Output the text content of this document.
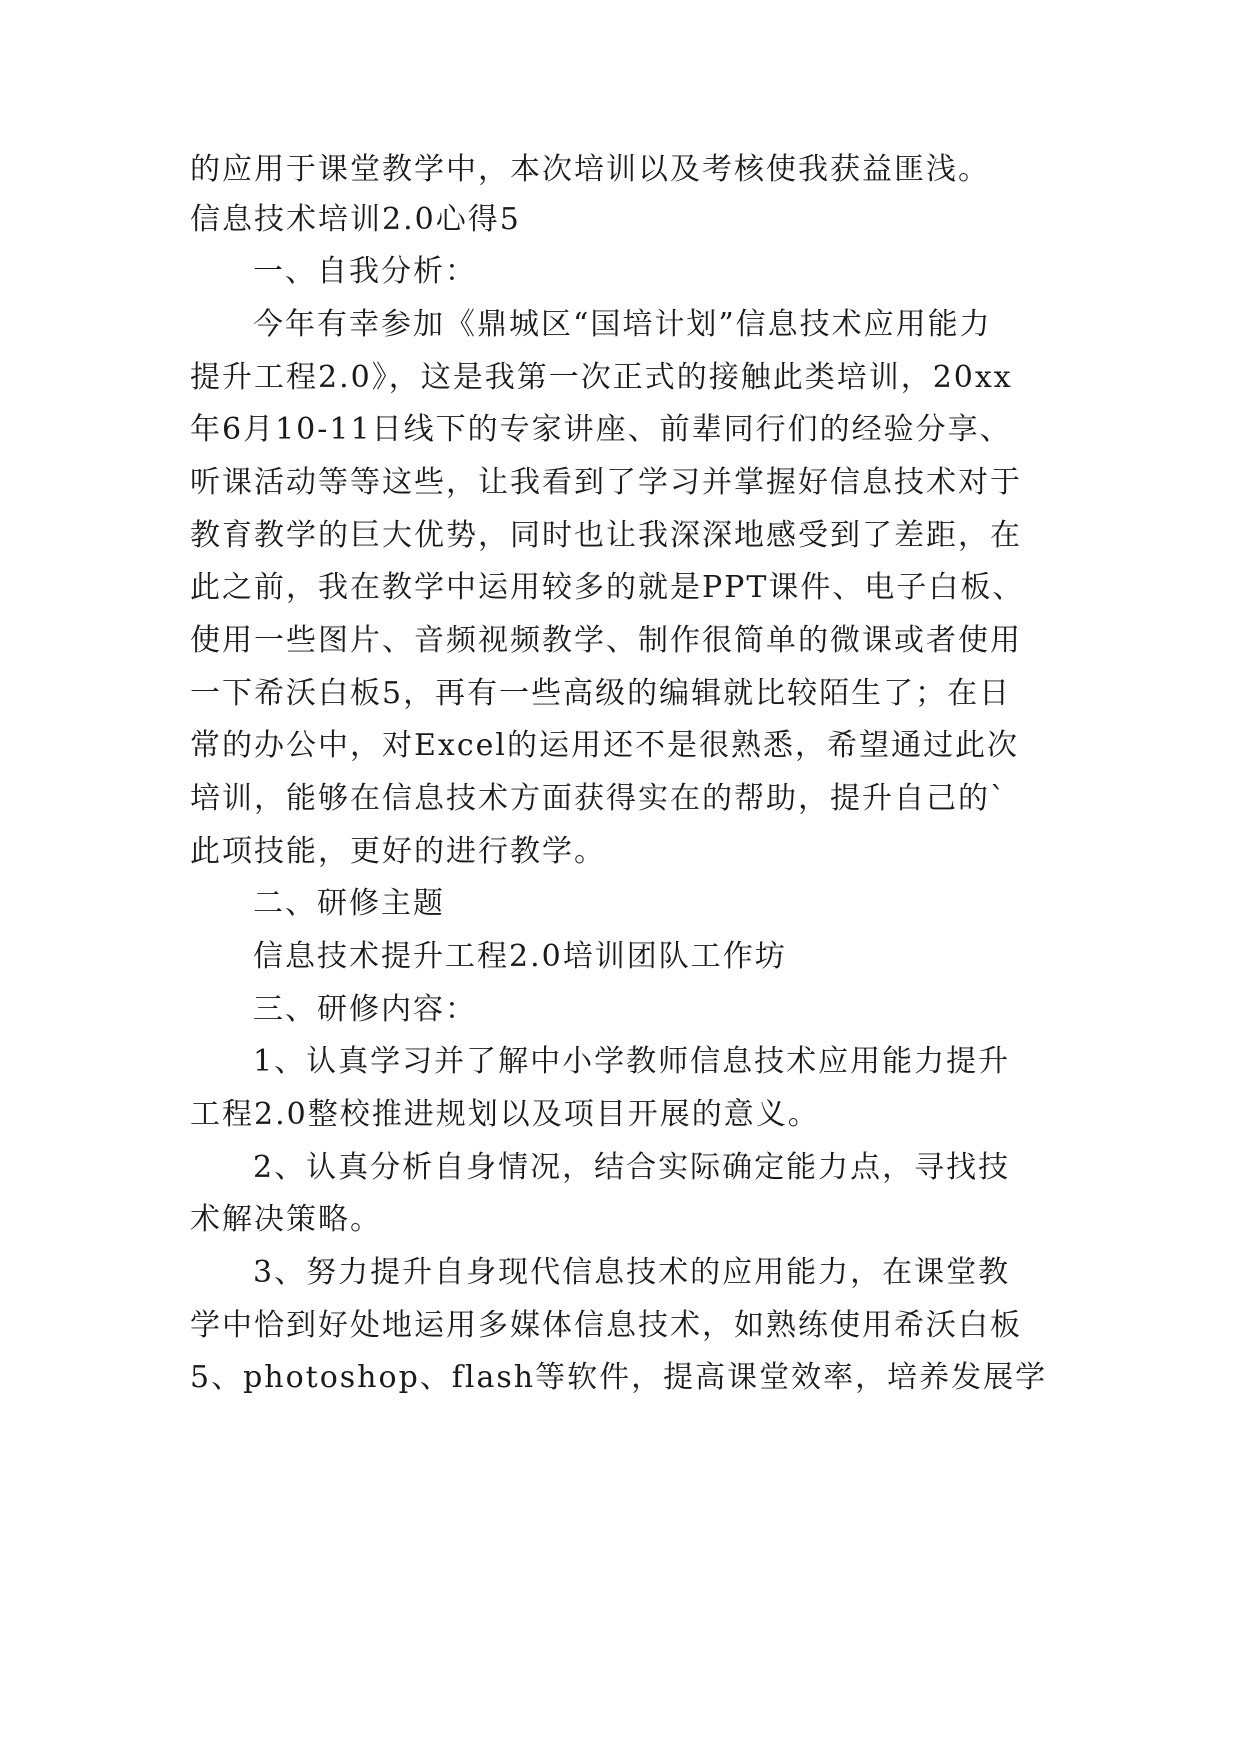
的应用于课堂教学中，本次培训以及考核使我获益匪浅。
信息技术培训2.0心得5
一、自我分析：
今年有幸参加《鼎城区“国培计划”信息技术应用能力
提升工程2.0》，这是我第一次正式的接触此类培训，20xx
年6月10-11日线下的专家讲座、前辈同行们的经验分享、
听课活动等等这些，让我看到了学习并掌握好信息技术对于
教育教学的巨大优势，同时也让我深深地感受到了差距，在
此之前，我在教学中运用较多的就是PPT课件、电子白板、
使用一些图片、音频视频教学、制作很简单的微课或者使用
一下希沃白板5，再有一些高级的编辑就比较陌生了；在日
常的办公中，对Excel的运用还不是很熟悉，希望通过此次
培训，能够在信息技术方面获得实在的帮助，提升自己的`
此项技能，更好的进行教学。
二、研修主题
信息技术提升工程2.0培训团队工作坊
三、研修内容：
1、认真学习并了解中小学教师信息技术应用能力提升
工程2.0整校推进规划以及项目开展的意义。
2、认真分析自身情况，结合实际确定能力点，寻找技
术解决策略。
3、努力提升自身现代信息技术的应用能力，在课堂教
学中恰到好处地运用多媒体信息技术，如熟练使用希沃白板
5、photoshop、flash等软件，提高课堂效率，培养发展学
